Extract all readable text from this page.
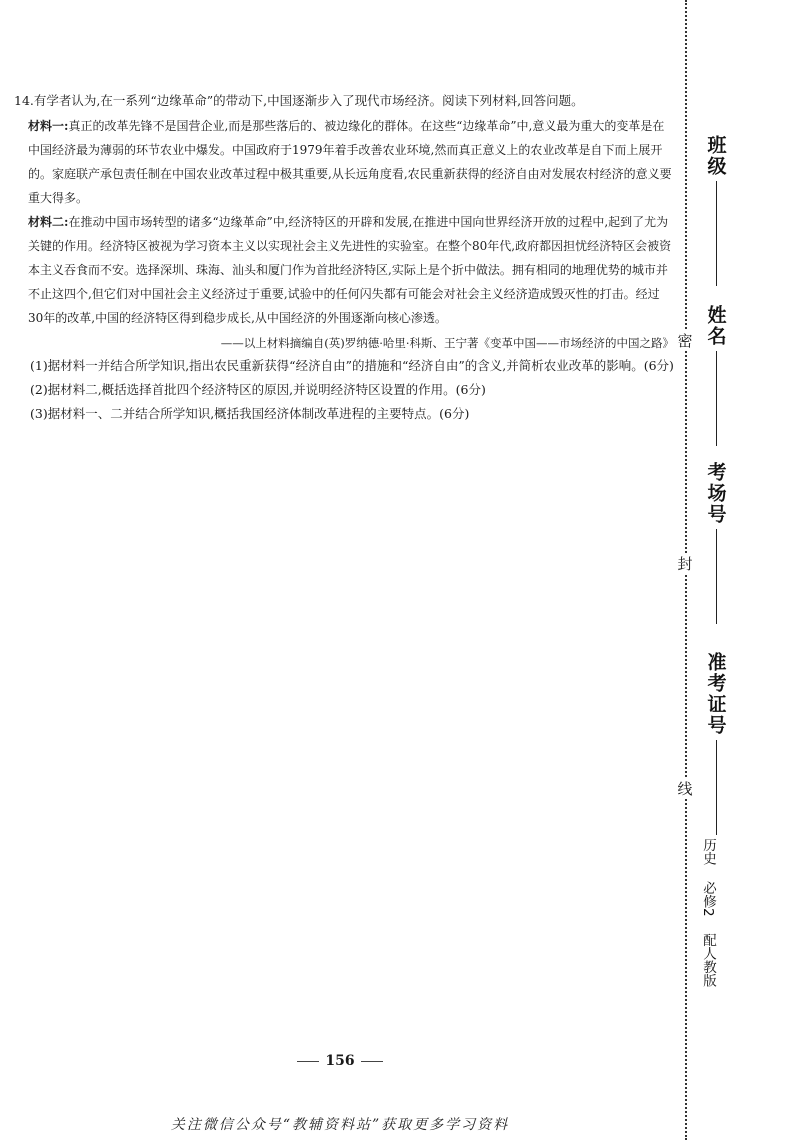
14.有学者认为,在一系列“边缘革命”的带动下,中国逐渐步入了现代市场经济。阅读下列材料,回答问题。

材料一:真正的改革先锋不是国营企业,而是那些落后的、被边缘化的群体。在这些“边缘革命”中,意义最为重大的变革是在中国经济最为薄弱的环节农业中爆发。中国政府于1979年着手改善农业环境,然而真正意义上的农业改革是自下而上展开的。家庭联产承包责任制在中国农业改革过程中极其重要,从长远角度看,农民重新获得的经济自由对发展农村经济的意义要重大得多。

材料二:在推动中国市场转型的诸多“边缘革命”中,经济特区的开辟和发展,在推进中国向世界经济开放的过程中,起到了尤为关键的作用。经济特区被视为学习资本主义以实现社会主义先进性的实验室。在整个80年代,政府都因担忧经济特区会被资本主义吞食而不安。选择深圳、珠海、汕头和厦门作为首批经济特区,实际上是个折中做法。拥有相同的地理优势的城市并不止这四个,但它们对中国社会主义经济过于重要,试验中的任何闪失都有可能会对社会主义经济造成毁灭性的打击。经过30年的改革,中国的经济特区得到稳步成长,从中国经济的外围逐渐向核心渗透。

——以上材料摘编自(英)罗纳德·哈里·科斯、王宁著《变革中国——市场经济的中国之路》

(1)据材料一并结合所学知识,指出农民重新获得“经济自由”的措施和“经济自由”的含义,并简析农业改革的影响。(6分)

(2)据材料二,概括选择首批四个经济特区的原因,并说明经济特区设置的作用。(6分)

(3)据材料一、二并结合所学知识,概括我国经济体制改革进程的主要特点。(6分)

班级
姓名
考场号
准考证号
密
封
线
历史 必修2 配人教版
156
关注微信公众号“教辅资料站”获取更多学习资料
